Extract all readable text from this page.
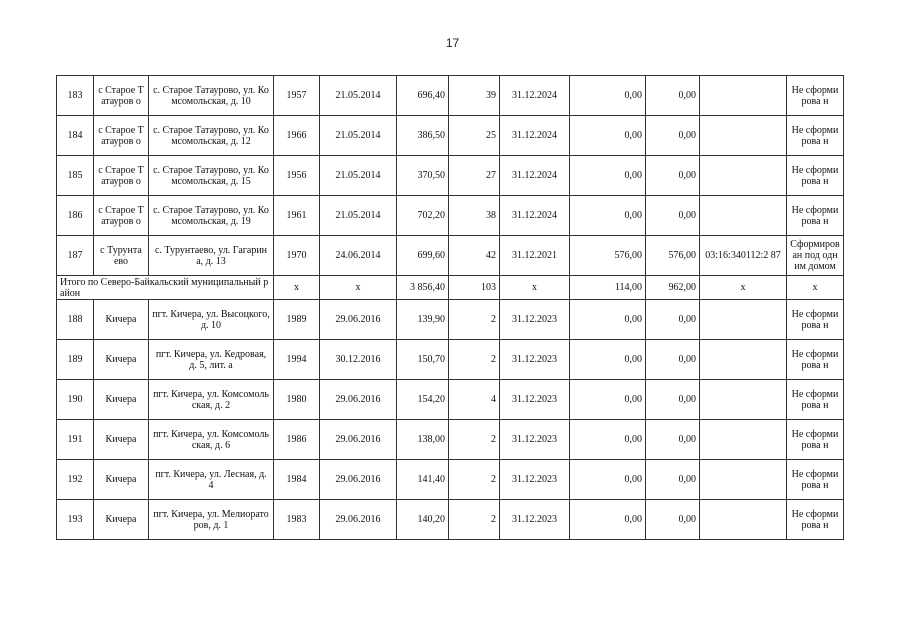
17
183	с Старое Татауров о	с. Старое Татаурово, ул. Комсомольская, д. 10	1957	21.05.2014	696,40	39	31.12.2024	0,00	0,00		Не сформирова н
184	с Старое Татауров о	с. Старое Татаурово, ул. Комсомольская, д. 12	1966	21.05.2014	386,50	25	31.12.2024	0,00	0,00		Не сформирова н
185	с Старое Татауров о	с. Старое Татаурово, ул. Комсомольская, д. 15	1956	21.05.2014	370,50	27	31.12.2024	0,00	0,00		Не сформирова н
186	с Старое Татауров о	с. Старое Татаурово, ул. Комсомольская, д. 19	1961	21.05.2014	702,20	38	31.12.2024	0,00	0,00		Не сформирова н
187	с Турунта ево	с. Турунтаево, ул. Гагарина, д. 13	1970	24.06.2014	699,60	42	31.12.2021	576,00	576,00	03:16:340112:2 87	Сформиров ан под одним домом
Итого по Северо-Байкальский муниципальный район			х	х	3 856,40	103	х	114,00	962,00	х	х
188	Кичера	пгт. Кичера, ул. Высоцкого, д. 10	1989	29.06.2016	139,90	2	31.12.2023	0,00	0,00		Не сформирова н
189	Кичера	пгт. Кичера, ул. Кедровая, д. 5, лит. а	1994	30.12.2016	150,70	2	31.12.2023	0,00	0,00		Не сформирова н
190	Кичера	пгт. Кичера, ул. Комсомольская, д. 2	1980	29.06.2016	154,20	4	31.12.2023	0,00	0,00		Не сформирова н
191	Кичера	пгт. Кичера, ул. Комсомольская, д. 6	1986	29.06.2016	138,00	2	31.12.2023	0,00	0,00		Не сформирова н
192	Кичера	пгт. Кичера, ул. Лесная, д. 4	1984	29.06.2016	141,40	2	31.12.2023	0,00	0,00		Не сформирова н
193	Кичера	пгт. Кичера, ул. Мелиораторов, д. 1	1983	29.06.2016	140,20	2	31.12.2023	0,00	0,00		Не сформирова н
